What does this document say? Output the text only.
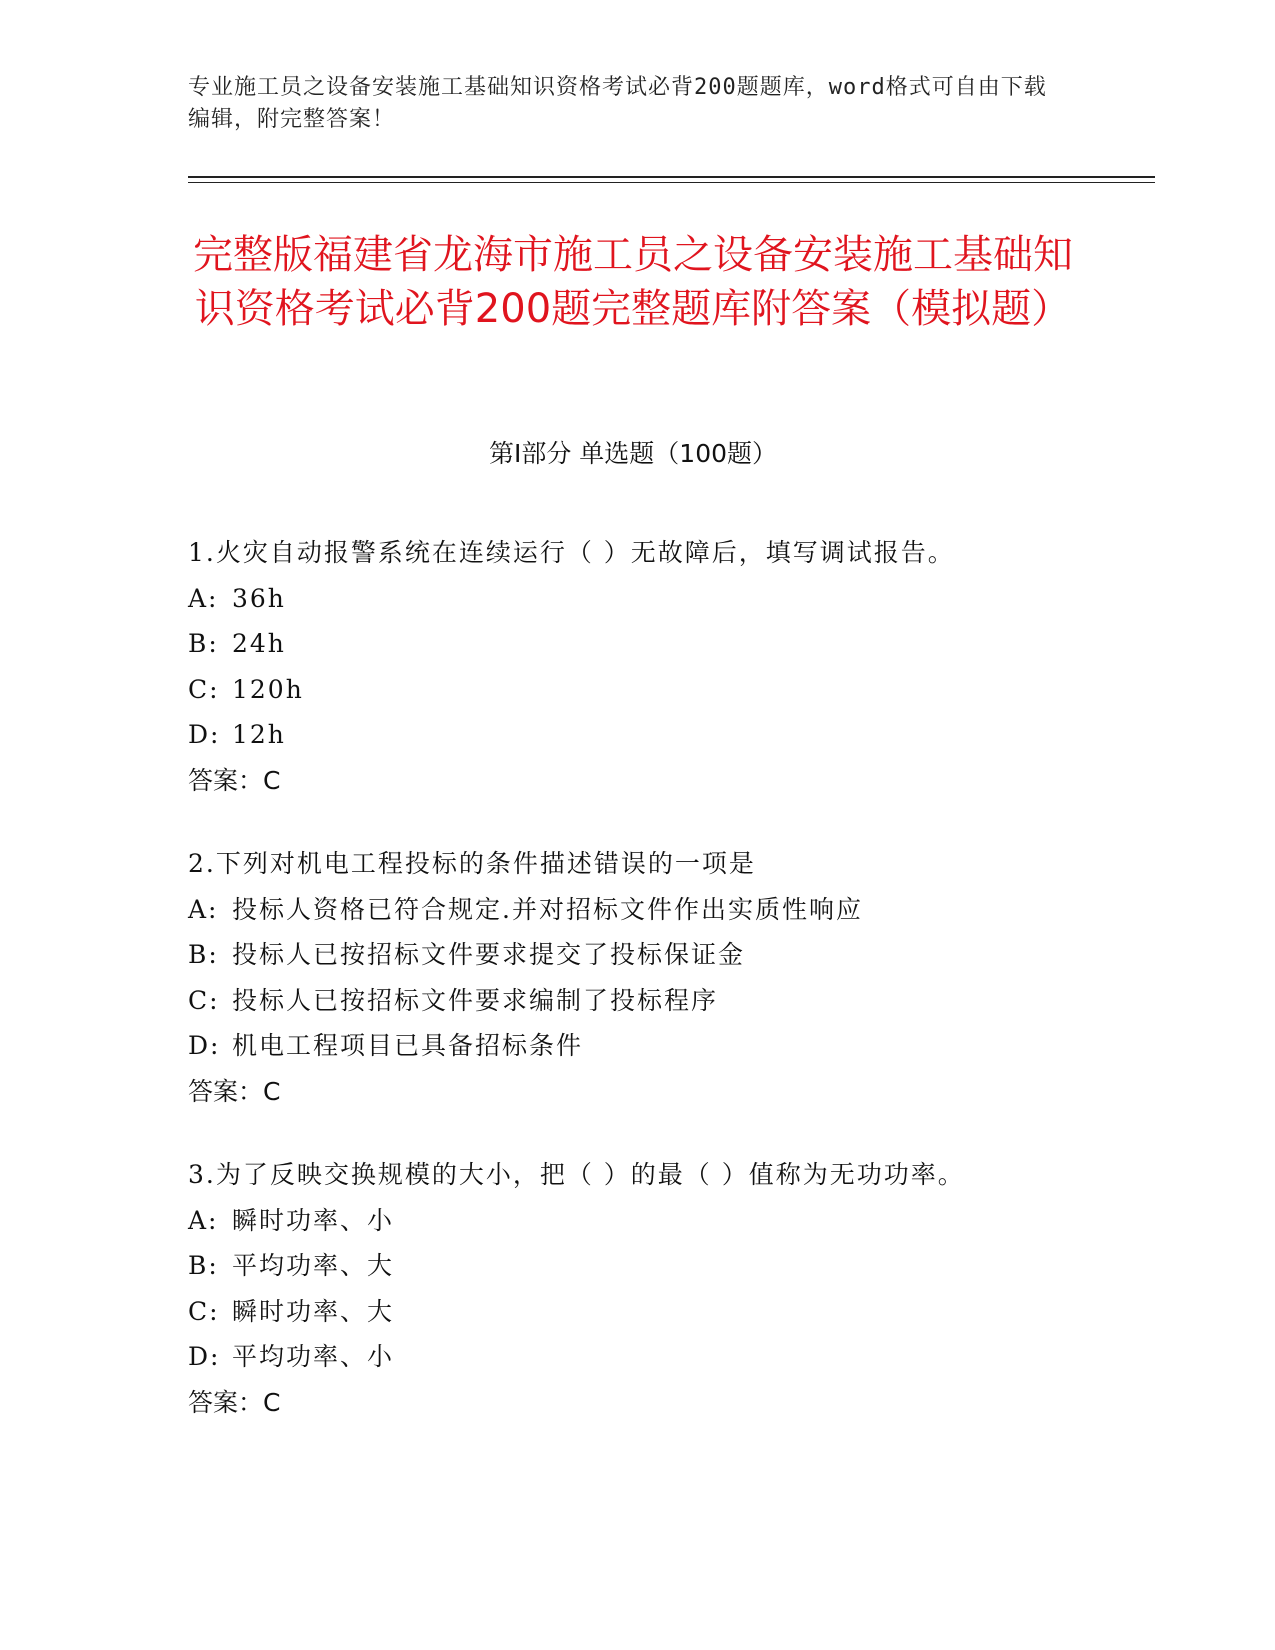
专业施工员之设备安装施工基础知识资格考试必背200题题库，word格式可自由下载编辑，附完整答案！
完整版福建省龙海市施工员之设备安装施工基础知识资格考试必背200题完整题库附答案（模拟题）
第Ⅰ部分 单选题（100题）
1.火灾自动报警系统在连续运行（ ）无故障后，填写调试报告。
A: 36h
B: 24h
C: 120h
D: 12h
答案：C
2.下列对机电工程投标的条件描述错误的一项是
A: 投标人资格已符合规定.并对招标文件作出实质性响应
B: 投标人已按招标文件要求提交了投标保证金
C: 投标人已按招标文件要求编制了投标程序
D: 机电工程项目已具备招标条件
答案：C
3.为了反映交换规模的大小，把（ ）的最（ ）值称为无功功率。
A: 瞬时功率、小
B: 平均功率、大
C: 瞬时功率、大
D: 平均功率、小
答案：C
